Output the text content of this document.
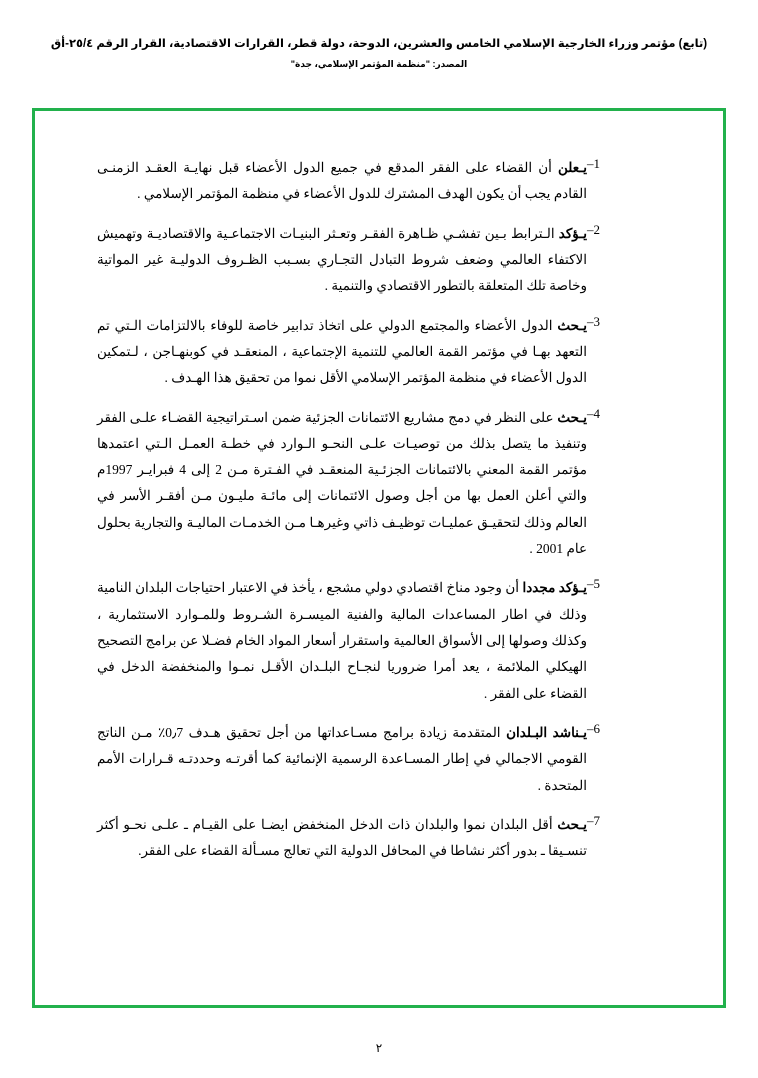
(تابع) مؤتمر وزراء الخارجية الإسلامي الخامس والعشرين، الدوحة، دولة قطر، القرارات الاقتصادية، القرار الرقم ٢٥/٤-أق
المصدر: "منظمة المؤتمر الإسلامي، جدة"
–1
يـعلن أن القضاء على الفقر المدقع في جميع الدول الأعضاء قبل نهايـة العقـد الزمنـى القادم يجب أن يكون الهدف المشترك للدول الأعضاء في منظمة المؤتمر الإسلامي .
–2
يـؤكد الـترابط بـين تفشـي ظـاهرة الفقـر وتعـثر البنيـات الاجتماعـية والاقتصاديـة وتهميش الاكتفاء العالمي وضعف شروط التبادل التجـاري بسـبب الظـروف الدوليـة غير المواتية وخاصة تلك المتعلقة بالتطور الاقتصادي والتنمية .
–3
يـحث الدول الأعضاء والمجتمع الدولي على اتخاذ تدابير خاصة للوفاء بالالتزامات الـتي تم التعهد بهـا في مؤتمر القمة العالمي للتنمية الإجتماعية ، المنعقـد في كوبنهـاجن ، لـتمكين الدول الأعضاء في منظمة المؤتمر الإسلامي الأقل نموا من تحقيق هذا الهـدف .
–4
يـحث على النظر في دمج مشاريع الائتمانات الجزئية ضمن اسـتراتيجية القضـاء علـى الفقر وتنفيذ ما يتصل بذلك من توصيـات علـى النحـو الـوارد في خطـة العمـل الـتي اعتمدها مؤتمر القمة المعني بالائتمانات الجزئـية المنعقـد في الفـترة مـن 2 إلى 4 فبرايـر 1997م والتي أعلن العمل بها من أجل وصول الائتمانات إلى مائـة مليـون مـن أفقـر الأسر في العالم وذلك لتحقيـق عمليـات توظيـف ذاتي وغيرهـا مـن الخدمـات الماليـة والتجارية بحلول عام 2001 .
–5
يـؤكد مجددا أن وجود مناخ اقتصادي دولي مشجع ، يأخذ في الاعتبار احتياجات البلدان النامية وذلك في اطار المساعدات المالية والفنية الميسـرة الشـروط وللمـوارد الاستثمارية ، وكذلك وصولها إلى الأسواق العالمية واستقرار أسعار المواد الخام فضـلا عن برامج التصحيح الهيكلي الملائمة ، يعد أمرا ضروريا لنجـاح البلـدان الأقـل نمـوا والمنخفضة الدخل في القضاء على الفقر .
–6
يـناشد البـلدان المتقدمة زيادة برامج مسـاعداتها من أجل تحقيق هـدف 0٫7٪ مـن الناتج القومي الاجمالي في إطار المسـاعدة الرسمية الإنمائية كما أقرتـه وحددتـه قـرارات الأمم المتحدة .
–7
يـحث أقل البلدان نموا والبلدان ذات الدخل المنخفض ايضـا على القيـام ـ علـى نحـو أكثر تنسـيقا ـ بدور أكثر نشاطا في المحافل الدولية التي تعالج مسـألة القضاء على الفقر.
٢
